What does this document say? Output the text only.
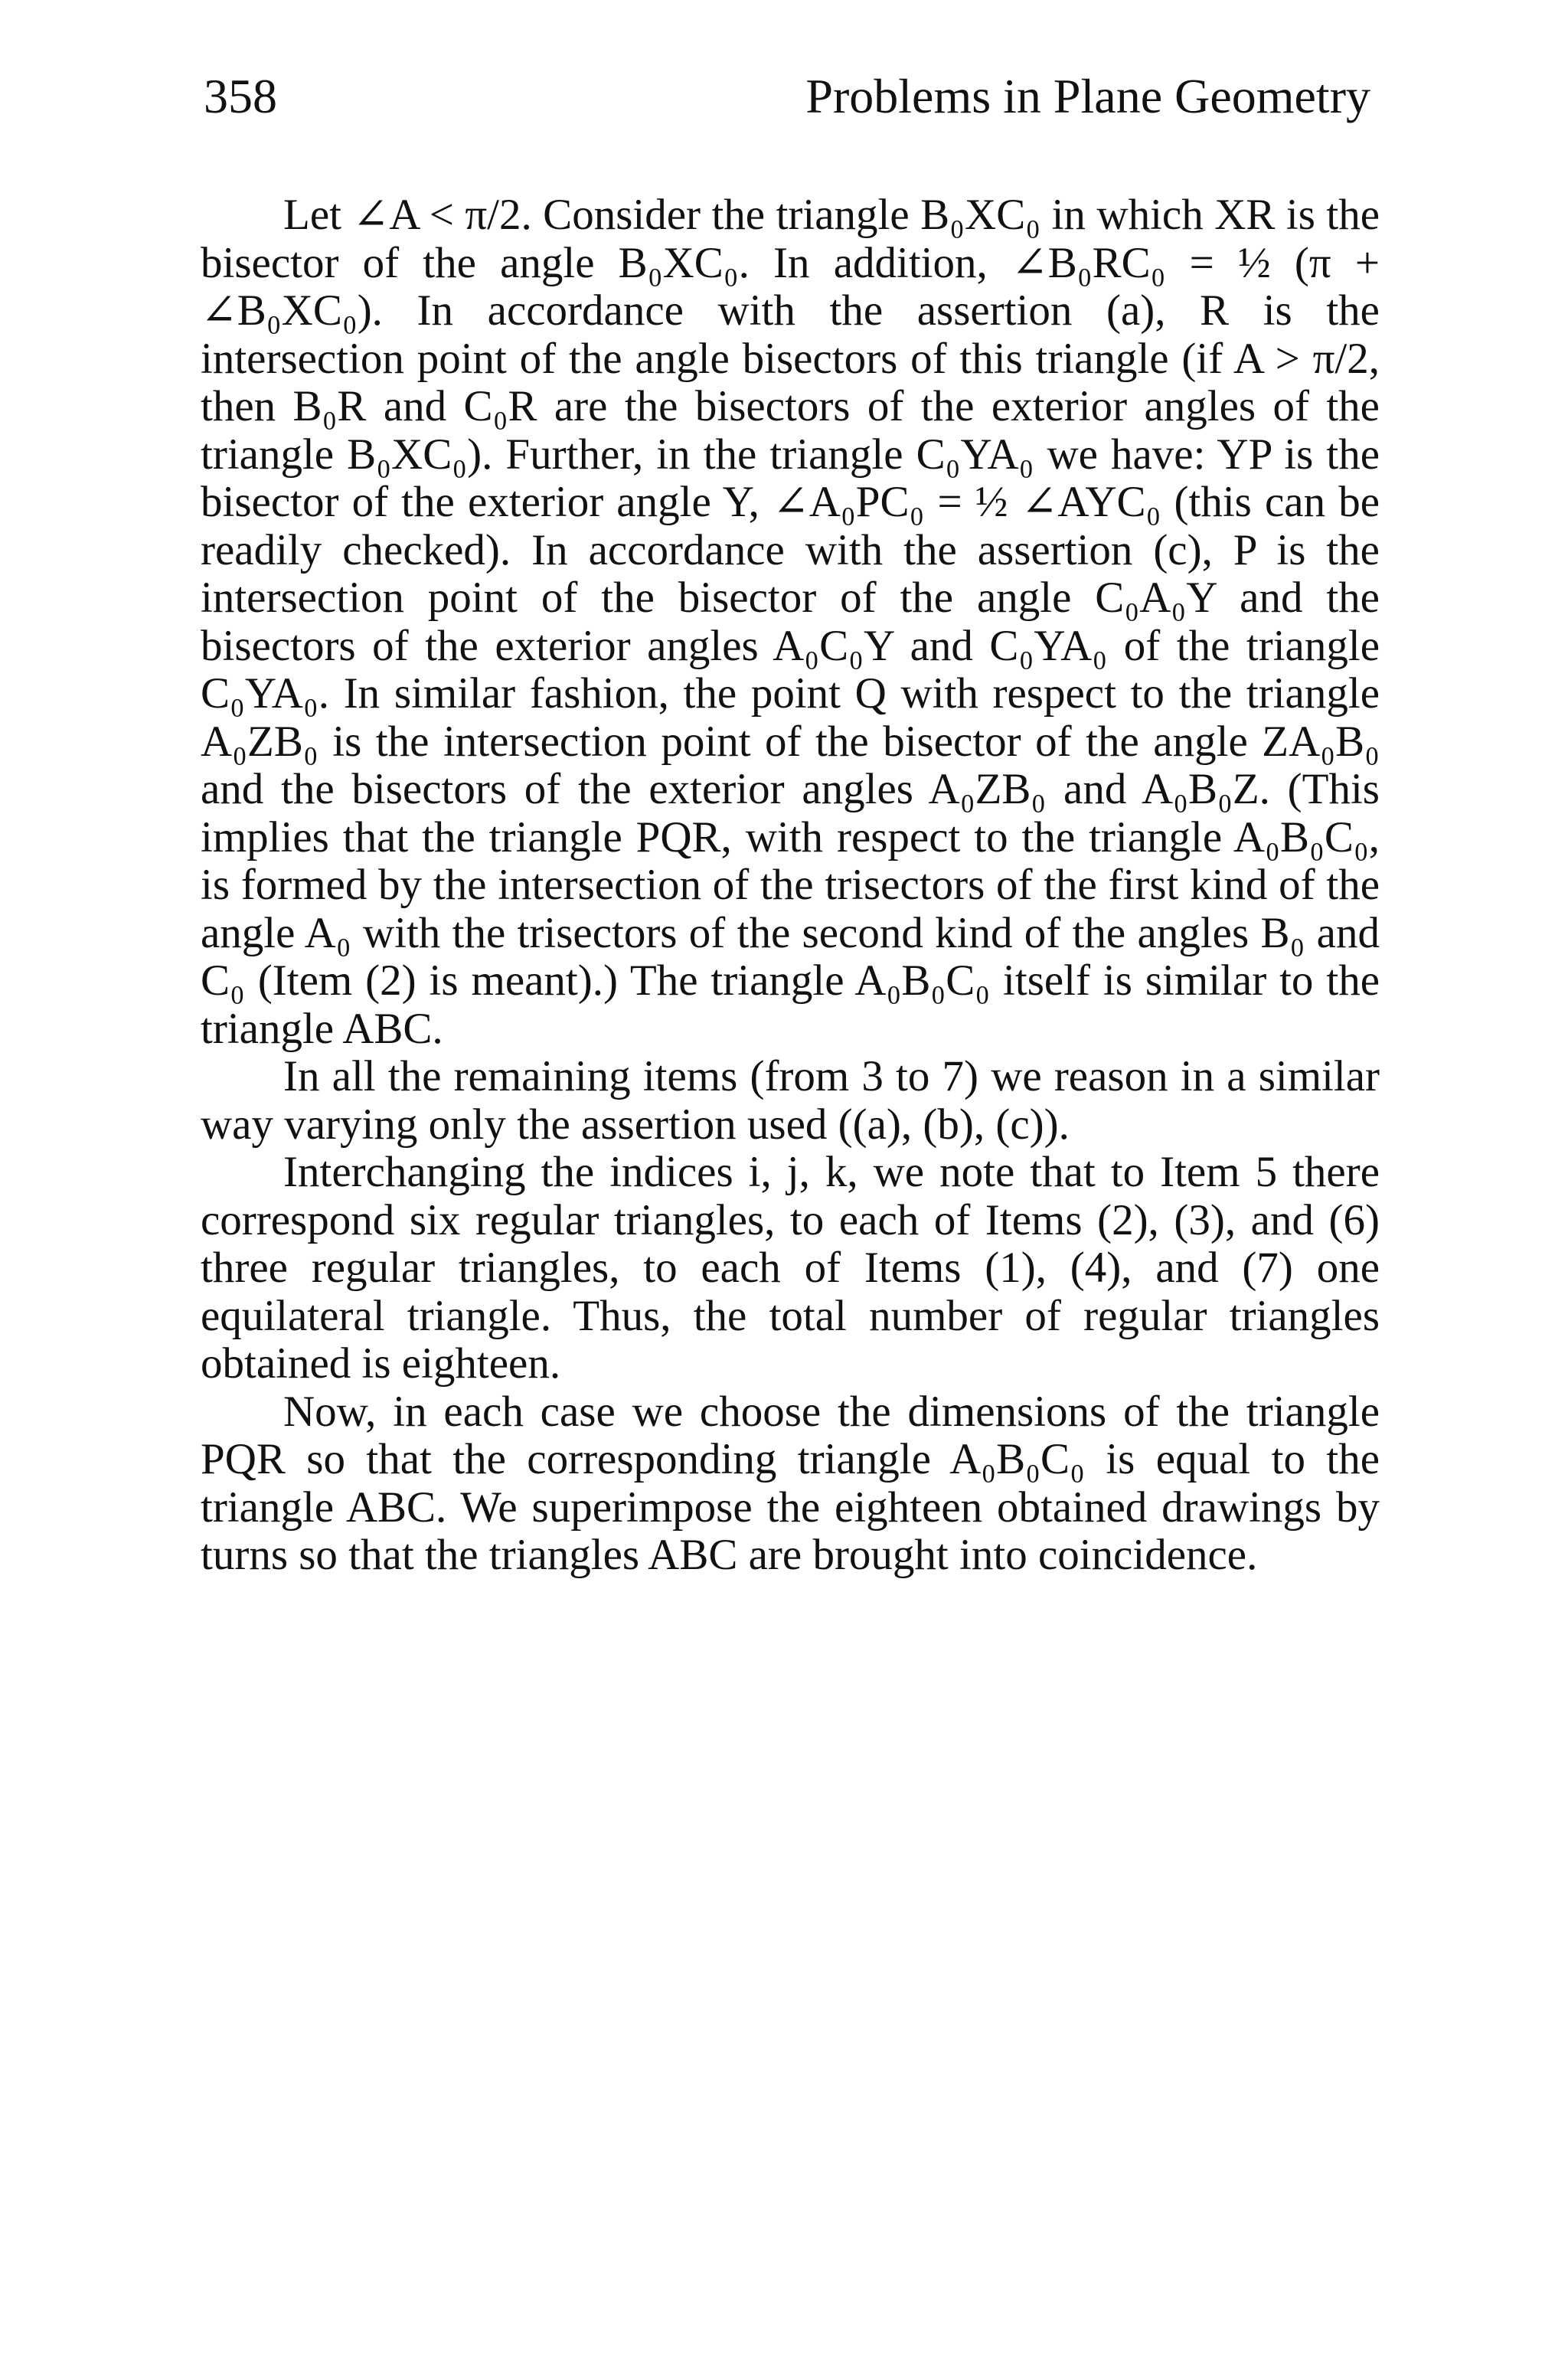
358	Problems in Plane Geometry

Let ∠A < π/2. Consider the triangle B₀XC₀ in which XR is the bisector of the angle B₀XC₀. In addition, ∠B₀RC₀ = ½ (π + ∠B₀XC₀). In accordance with the assertion (a), R is the intersection point of the angle bisectors of this triangle (if A > π/2, then B₀R and C₀R are the bisectors of the exterior angles of the triangle B₀XC₀). Further, in the triangle C₀YA₀ we have: YP is the bisector of the exterior angle Y, ∠A₀PC₀ = ½ ∠AYC₀ (this can be readily checked). In accordance with the assertion (c), P is the intersection point of the bisector of the angle C₀A₀Y and the bisectors of the exterior angles A₀C₀Y and C₀YA₀ of the triangle C₀YA₀. In similar fashion, the point Q with respect to the triangle A₀ZB₀ is the intersection point of the bisector of the angle ZA₀B₀ and the bisectors of the exterior angles A₀ZB₀ and A₀B₀Z. (This implies that the triangle PQR, with respect to the triangle A₀B₀C₀, is formed by the intersection of the trisectors of the first kind of the angle A₀ with the trisectors of the second kind of the angles B₀ and C₀ (Item (2) is meant).) The triangle A₀B₀C₀ itself is similar to the triangle ABC.

In all the remaining items (from 3 to 7) we reason in a similar way varying only the assertion used ((a), (b), (c)).

Interchanging the indices i, j, k, we note that to Item 5 there correspond six regular triangles, to each of Items (2), (3), and (6) three regular triangles, to each of Items (1), (4), and (7) one equilateral triangle. Thus, the total number of regular triangles obtained is eighteen.

Now, in each case we choose the dimensions of the triangle PQR so that the corresponding triangle A₀B₀C₀ is equal to the triangle ABC. We superimpose the eighteen obtained drawings by turns so that the triangles ABC are brought into coincidence.
